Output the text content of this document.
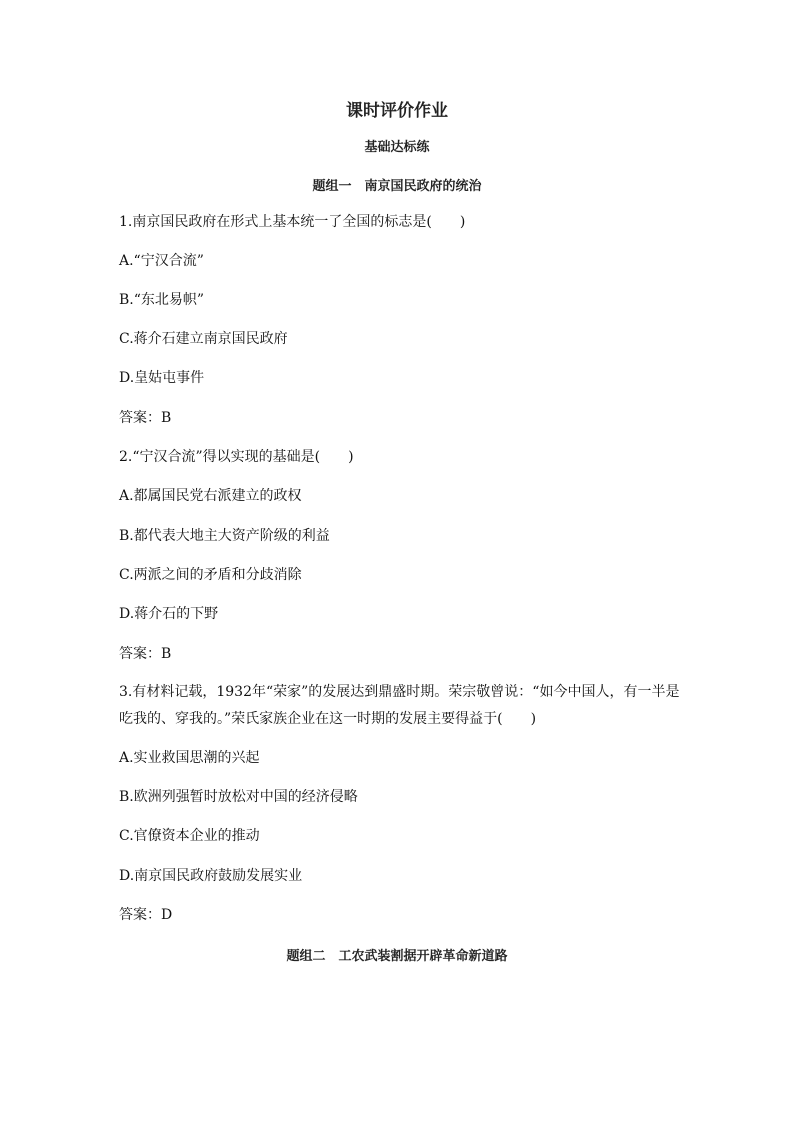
课时评价作业
基础达标练
题组一　南京国民政府的统治
1.南京国民政府在形式上基本统一了全国的标志是(　　)
A.“宁汉合流”
B.“东北易帜”
C.蒋介石建立南京国民政府
D.皇姑屯事件
答案：B
2.“宁汉合流”得以实现的基础是(　　)
A.都属国民党右派建立的政权
B.都代表大地主大资产阶级的利益
C.两派之间的矛盾和分歧消除
D.蒋介石的下野
答案：B
3.有材料记载，1932年“荣家”的发展达到鼎盛时期。荣宗敬曾说：“如今中国人，有一半是
吃我的、穿我的。”荣氏家族企业在这一时期的发展主要得益于(　　)
A.实业救国思潮的兴起
B.欧洲列强暂时放松对中国的经济侵略
C.官僚资本企业的推动
D.南京国民政府鼓励发展实业
答案：D
题组二　工农武装割据开辟革命新道路
